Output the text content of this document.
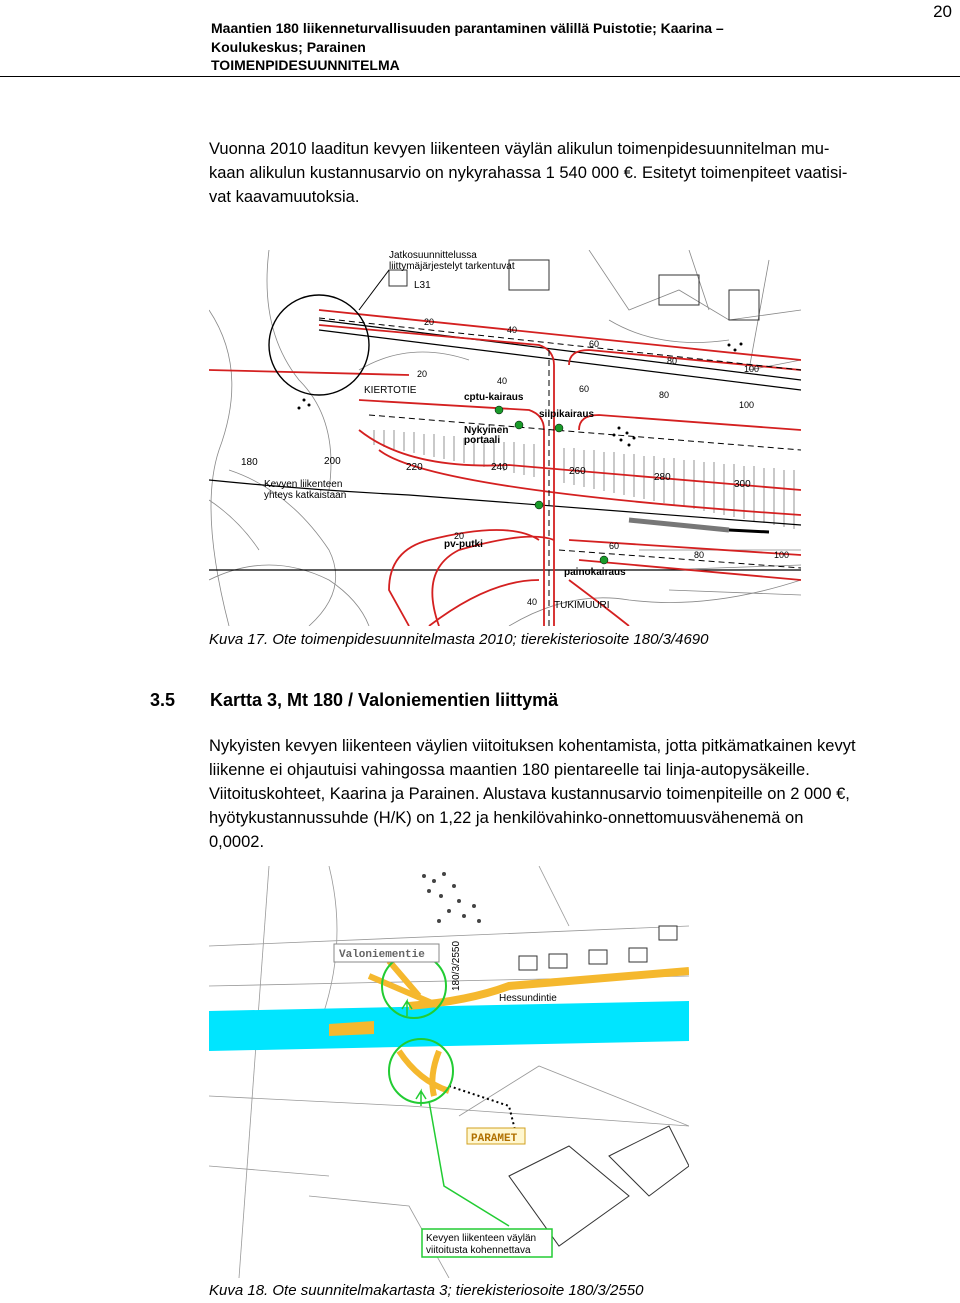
Maantien 180 liikenneturvallisuuden parantaminen välillä Puistotie; Kaarina –
Koulukeskus; Parainen
TOIMENPIDESUUNNITELMA
20
Vuonna 2010 laaditun kevyen liikenteen väylän alikulun toimenpidesuunnitelman mu-
kaan alikulun kustannusarvio on nykyrahassa 1 540 000 €. Esitetyt toimenpiteet vaatisi-
vat kaavamuutoksia.
Jatkosuunnittelussa
liittymäjärjestelyt tarkentuvat
L31
KIERTOTIE
cptu-kairaus
siipikairaus
Nykyinen
portaali
Kevyen liikenteen
yhteys katkaistaan
pv-putki
painokairaus
TUKIMUURI
180	200
220	240	260
280
300
20
40
60
80
100
20
40
60
80
100
20
40
60
80	100
Kuva 17. Ote toimenpidesuunnitelmasta 2010; tierekisteriosoite 180/3/4690
3.5 Kartta 3, Mt 180 / Valoniementien liittymä
Nykyisten kevyen liikenteen väylien viitoituksen kohentamista, jotta pitkämatkainen kevyt
liikenne ei ohjautuisi vahingossa maantien 180 pientareelle tai linja-autopysäkeille.
Viitoituskohteet, Kaarina ja Parainen. Alustava kustannusarvio toimenpiteille on 2 000 €,
hyötykustannussuhde (H/K) on 1,22 ja henkilövahinko-onnettomuusvähenemä on
0,0002.
Valoniementie	180/3/2550
Hessundintie
PARAMET
Kevyen liikenteen väylän
viitoitusta kohennettava
Kuva 18. Ote suunnitelmakartasta 3; tierekisteriosoite 180/3/2550
